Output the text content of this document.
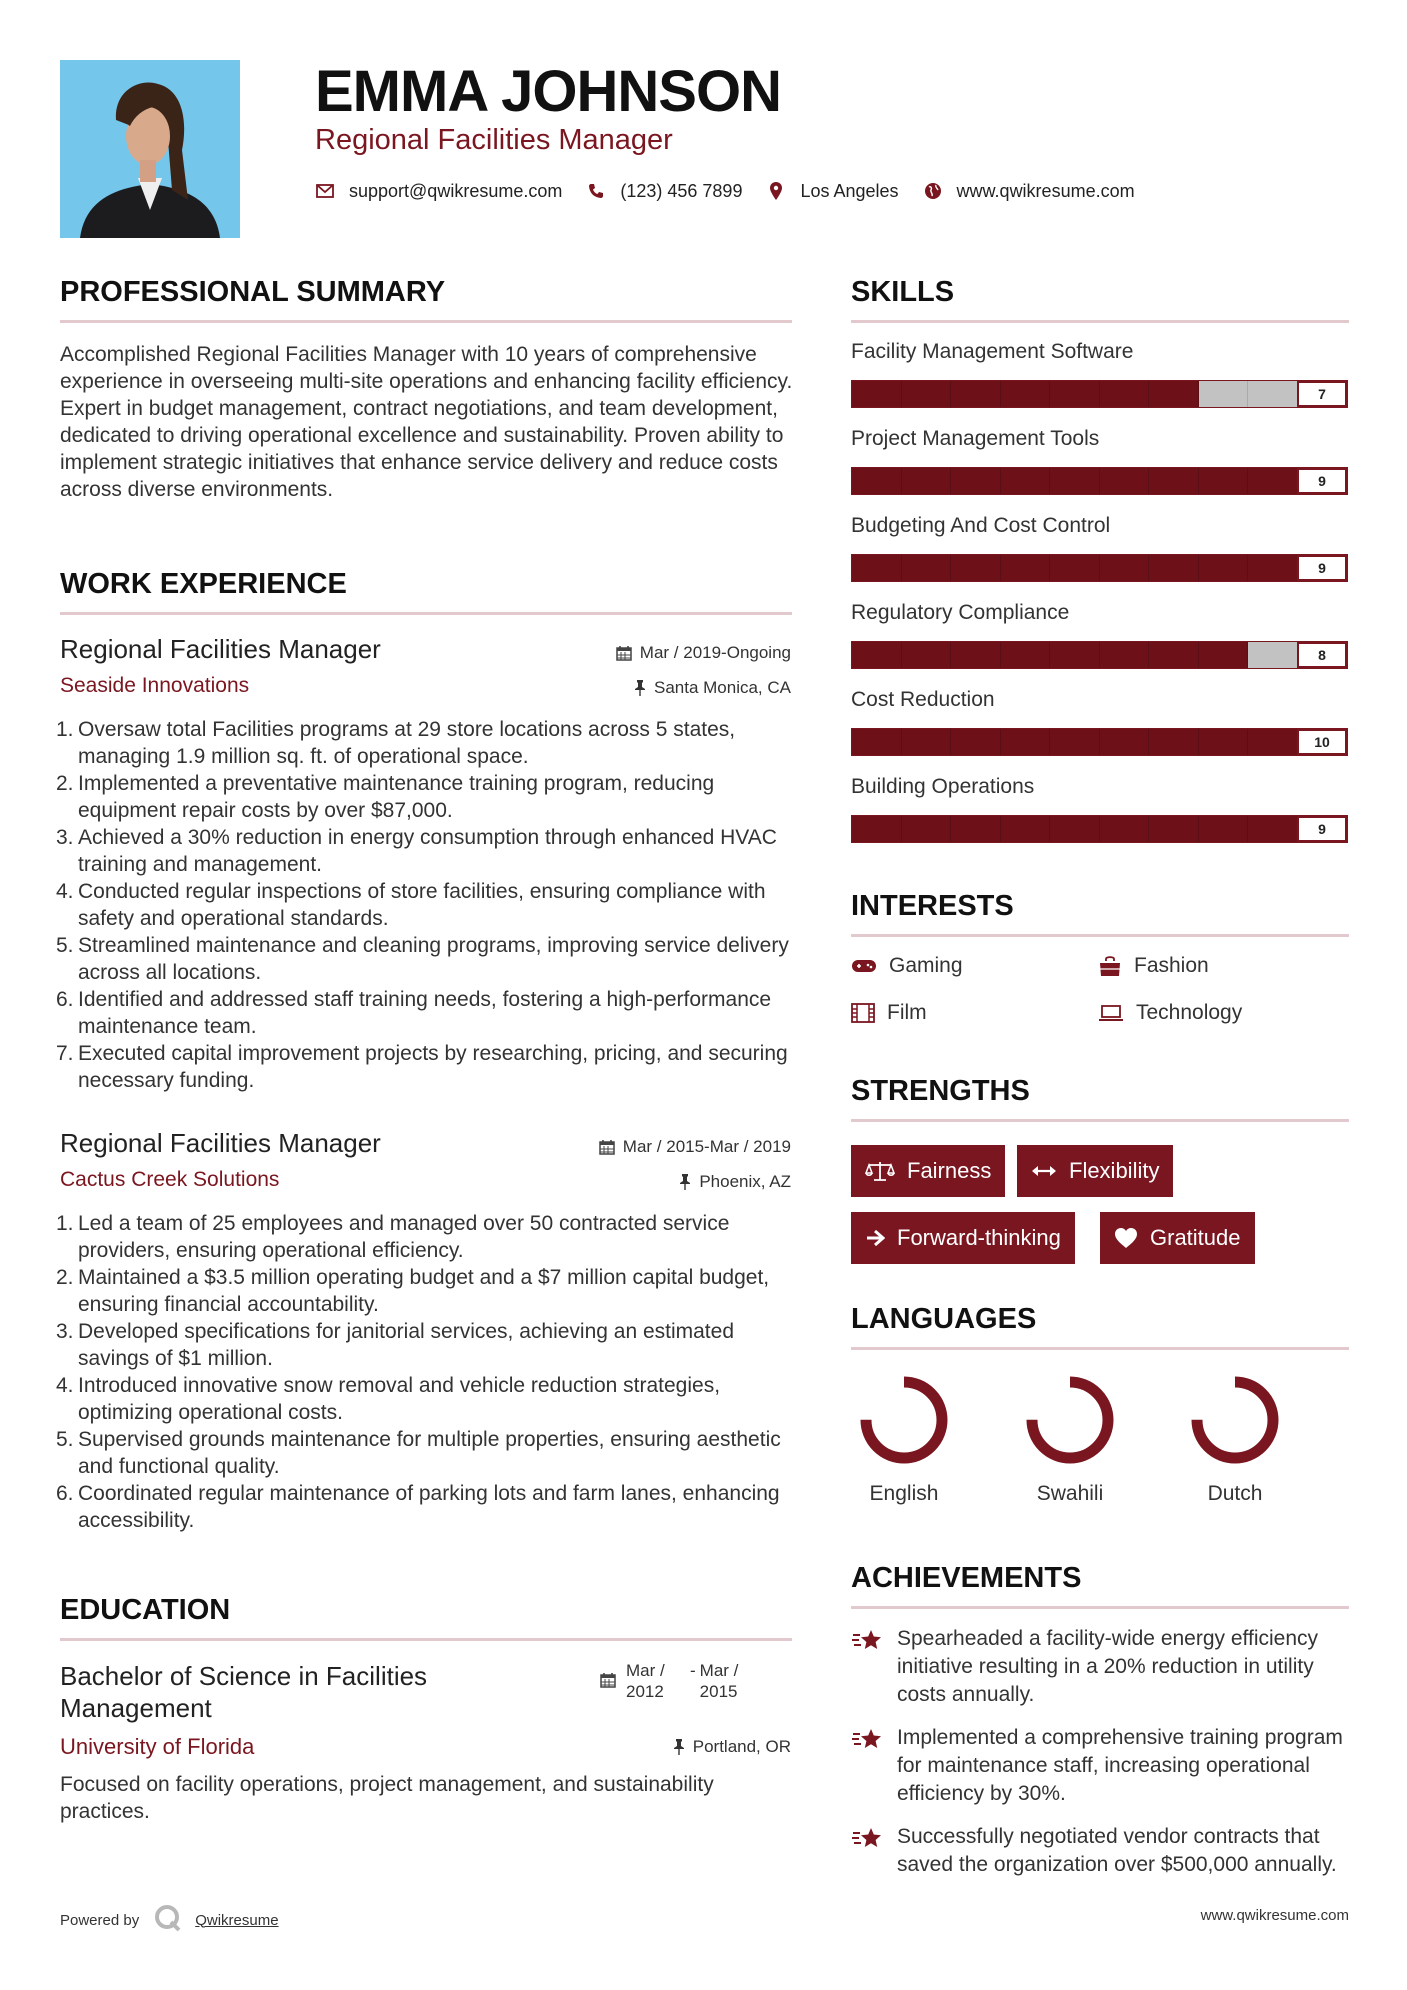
EMMA JOHNSON
Regional Facilities Manager
support@qwikresume.com	(123) 456 7899	Los Angeles	www.qwikresume.com
PROFESSIONAL SUMMARY
Accomplished Regional Facilities Manager with 10 years of comprehensive experience in overseeing multi-site operations and enhancing facility efficiency. Expert in budget management, contract negotiations, and team development, dedicated to driving operational excellence and sustainability. Proven ability to implement strategic initiatives that enhance service delivery and reduce costs across diverse environments.
WORK EXPERIENCE
Regional Facilities Manager	Mar / 2019-Ongoing
Seaside Innovations	Santa Monica, CA
1. Oversaw total Facilities programs at 29 store locations across 5 states, managing 1.9 million sq. ft. of operational space.
2. Implemented a preventative maintenance training program, reducing equipment repair costs by over $87,000.
3. Achieved a 30% reduction in energy consumption through enhanced HVAC training and management.
4. Conducted regular inspections of store facilities, ensuring compliance with safety and operational standards.
5. Streamlined maintenance and cleaning programs, improving service delivery across all locations.
6. Identified and addressed staff training needs, fostering a high-performance maintenance team.
7. Executed capital improvement projects by researching, pricing, and securing necessary funding.
Regional Facilities Manager	Mar / 2015-Mar / 2019
Cactus Creek Solutions	Phoenix, AZ
1. Led a team of 25 employees and managed over 50 contracted service providers, ensuring operational efficiency.
2. Maintained a $3.5 million operating budget and a $7 million capital budget, ensuring financial accountability.
3. Developed specifications for janitorial services, achieving an estimated savings of $1 million.
4. Introduced innovative snow removal and vehicle reduction strategies, optimizing operational costs.
5. Supervised grounds maintenance for multiple properties, ensuring aesthetic and functional quality.
6. Coordinated regular maintenance of parking lots and farm lanes, enhancing accessibility.
EDUCATION
Bachelor of Science in Facilities Management
Mar / 2012
- Mar / 2015
University of Florida	Portland, OR
Focused on facility operations, project management, and sustainability practices.
Powered by	Qwikresume	www.qwikresume.com
SKILLS
Facility Management Software
7
Project Management Tools
9
Budgeting And Cost Control
9
Regulatory Compliance
8
Cost Reduction
10
Building Operations
9
INTERESTS
Gaming	Fashion
Film	Technology
STRENGTHS
Fairness	Flexibility
Forward-thinking	Gratitude
LANGUAGES
English	Swahili	Dutch
ACHIEVEMENTS
Spearheaded a facility-wide energy efficiency initiative resulting in a 20% reduction in utility costs annually.
Implemented a comprehensive training program for maintenance staff, increasing operational efficiency by 30%.
Successfully negotiated vendor contracts that saved the organization over $500,000 annually.
